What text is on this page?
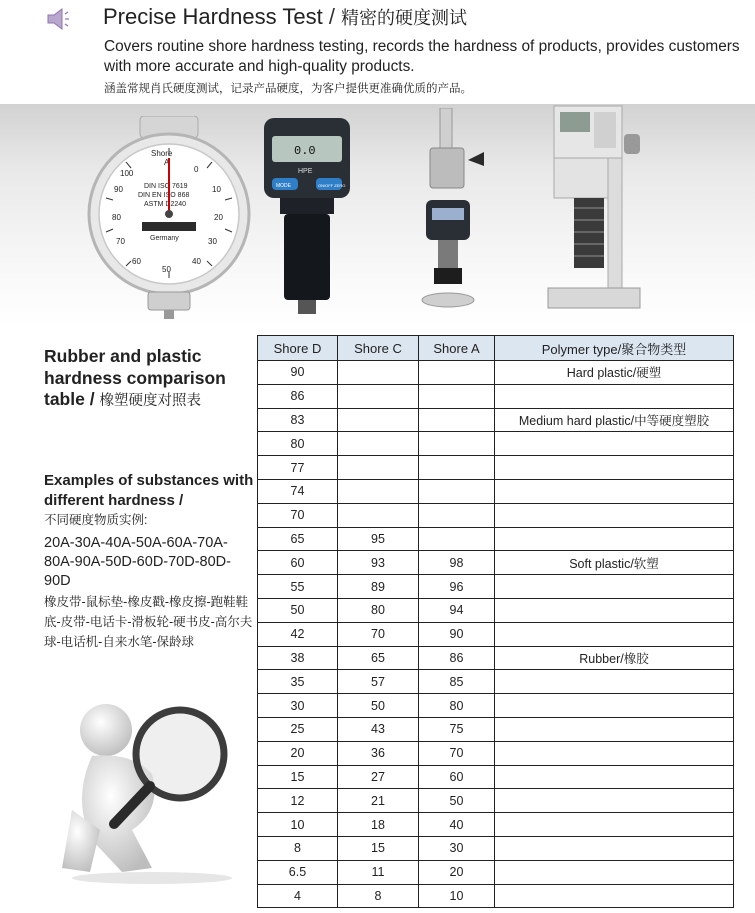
Precise Hardness Test / 精密的硬度测试
Covers routine shore hardness testing, records the hardness of products, provides customers with more accurate and high-quality products.
涵盖常规肖氏硬度测试，记录产品硬度，为客户提供更准确优质的产品。
Shore
A
100
90
80
70
60
50
40
30
20
10
0
DIN ISO 7619
DIN EN ISO 868
ASTM D2240
Germany
0.0
HPE
MODE	ON/OFF ZERO
Rubber and plastic hardness comparison table / 橡塑硬度对照表
Examples of substances with different hardness /
不同硬度物质实例:
20A-30A-40A-50A-60A-70A-80A-90A-50D-60D-70D-80D-90D
橡皮带-鼠标垫-橡皮戳-橡皮擦-跑鞋鞋底-皮带-电话卡-滑板轮-硬书皮-高尔夫球-电话机-自来水笔-保龄球
Shore D	Shore C	Shore A	Polymer type/聚合物类型
90			Hard plastic/硬塑
86			
83			Medium hard plastic/中等硬度塑胶
80			
77			
74			
70			
65	95		
60	93	98	Soft plastic/软塑
55	89	96	
50	80	94	
42	70	90	
38	65	86	Rubber/橡胶
35	57	85	
30	50	80	
25	43	75	
20	36	70	
15	27	60	
12	21	50	
10	18	40	
8	15	30	
6.5	11	20	
4	8	10	
